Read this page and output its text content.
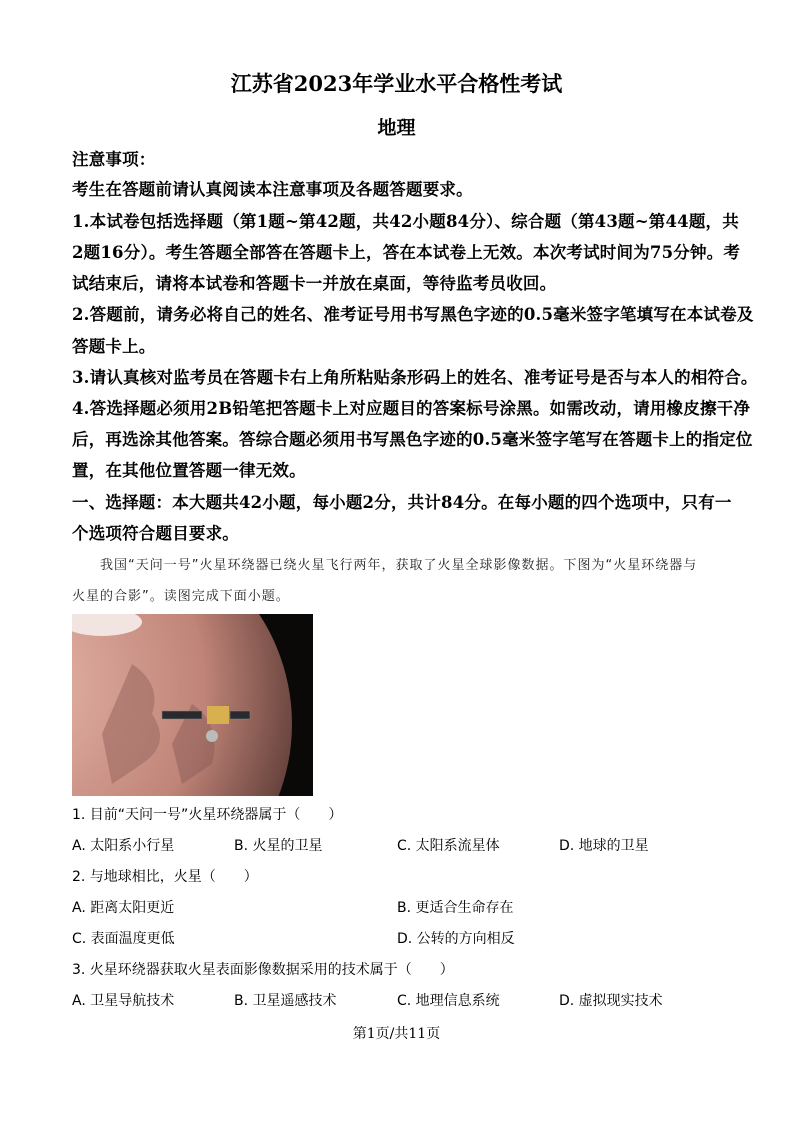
江苏省2023年学业水平合格性考试
地理
注意事项：
考生在答题前请认真阅读本注意事项及各题答题要求。
1.本试卷包括选择题（第1题~第42题，共42小题84分）、综合题（第43题~第44题，共
2题16分）。考生答题全部答在答题卡上，答在本试卷上无效。本次考试时间为75分钟。考
试结束后，请将本试卷和答题卡一并放在桌面，等待监考员收回。
2.答题前，请务必将自己的姓名、准考证号用书写黑色字迹的0.5毫米签字笔填写在本试卷及
答题卡上。
3.请认真核对监考员在答题卡右上角所粘贴条形码上的姓名、准考证号是否与本人的相符合。
4.答选择题必须用2B铅笔把答题卡上对应题目的答案标号涂黑。如需改动，请用橡皮擦干净
后，再选涂其他答案。答综合题必须用书写黑色字迹的0.5毫米签字笔写在答题卡上的指定位
置，在其他位置答题一律无效。
一、选择题：本大题共42小题，每小题2分，共计84分。在每小题的四个选项中，只有一
个选项符合题目要求。
我国“天问一号”火星环绕器已绕火星飞行两年，获取了火星全球影像数据。下图为“火星环绕器与
火星的合影”。读图完成下面小题。
1. 目前“天问一号”火星环绕器属于（　　）
A. 太阳系小行星	B. 火星的卫星	C. 太阳系流星体	D. 地球的卫星
2. 与地球相比，火星（　　）
A. 距离太阳更近	B. 更适合生命存在
C. 表面温度更低	D. 公转的方向相反
3. 火星环绕器获取火星表面影像数据采用的技术属于（　　）
A. 卫星导航技术	B. 卫星遥感技术	C. 地理信息系统	D. 虚拟现实技术
第1页/共11页
